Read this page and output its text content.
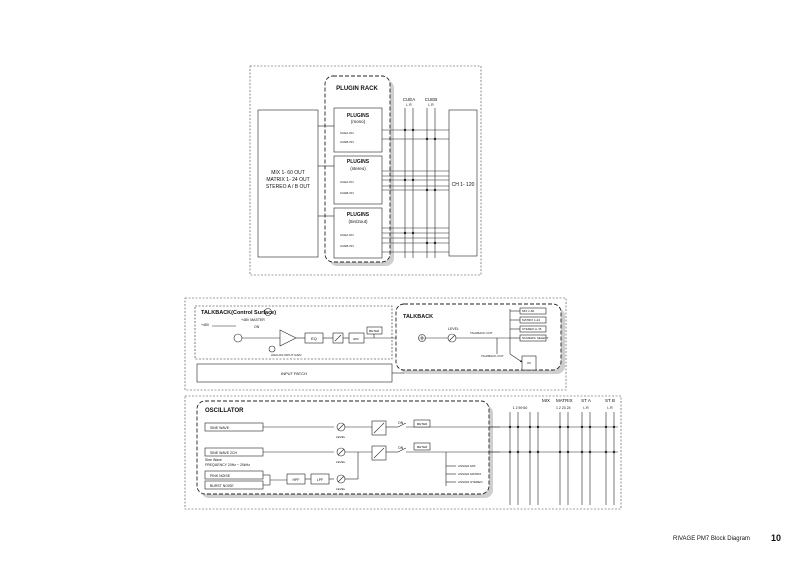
PLUGIN RACK
MIX 1- 60 OUT
MATRIX 1- 24 OUT
STEREO A / B OUT
PLUGINS
(mono)
CUEA ON
CUEB ON
PLUGINS
(stereo)
CUEA ON
CUEB ON
PLUGINS
(5in/2out)
CUEA ON
CUEB ON
CUEA
L R
CUEB
L R
CH 1- 120
TALKBACK(Control Surface)
+48V MASTER
+48V	ON
ANALOG INPUT GAIN
EQ	HPF
METER
INPUT PATCH
TALKBACK
LEVEL
TALKBACK OUT
TALKBACK OUT
MIX 1-60
MATRIX 1-24
STEREO A / B
NUMERIC SELECT
I/O
OSCILLATOR
SINE WAVE
SINE WAVE 2CH
Sine Wave
FREQUENCY 20Hz ~ 20kHz
PINK NOISE
BURST NOISE
HPF	LPF
LEVEL
LEVEL
LEVEL
ON
ON
METER
METER
ASSIGN MIX
ASSIGN MATRIX
ASSIGN STEREO
MIX
1 2 59 60
MATRIX
1 2 23 24
ST A
L R
ST B
L R
RIVAGE PM7 Block Diagram 10
